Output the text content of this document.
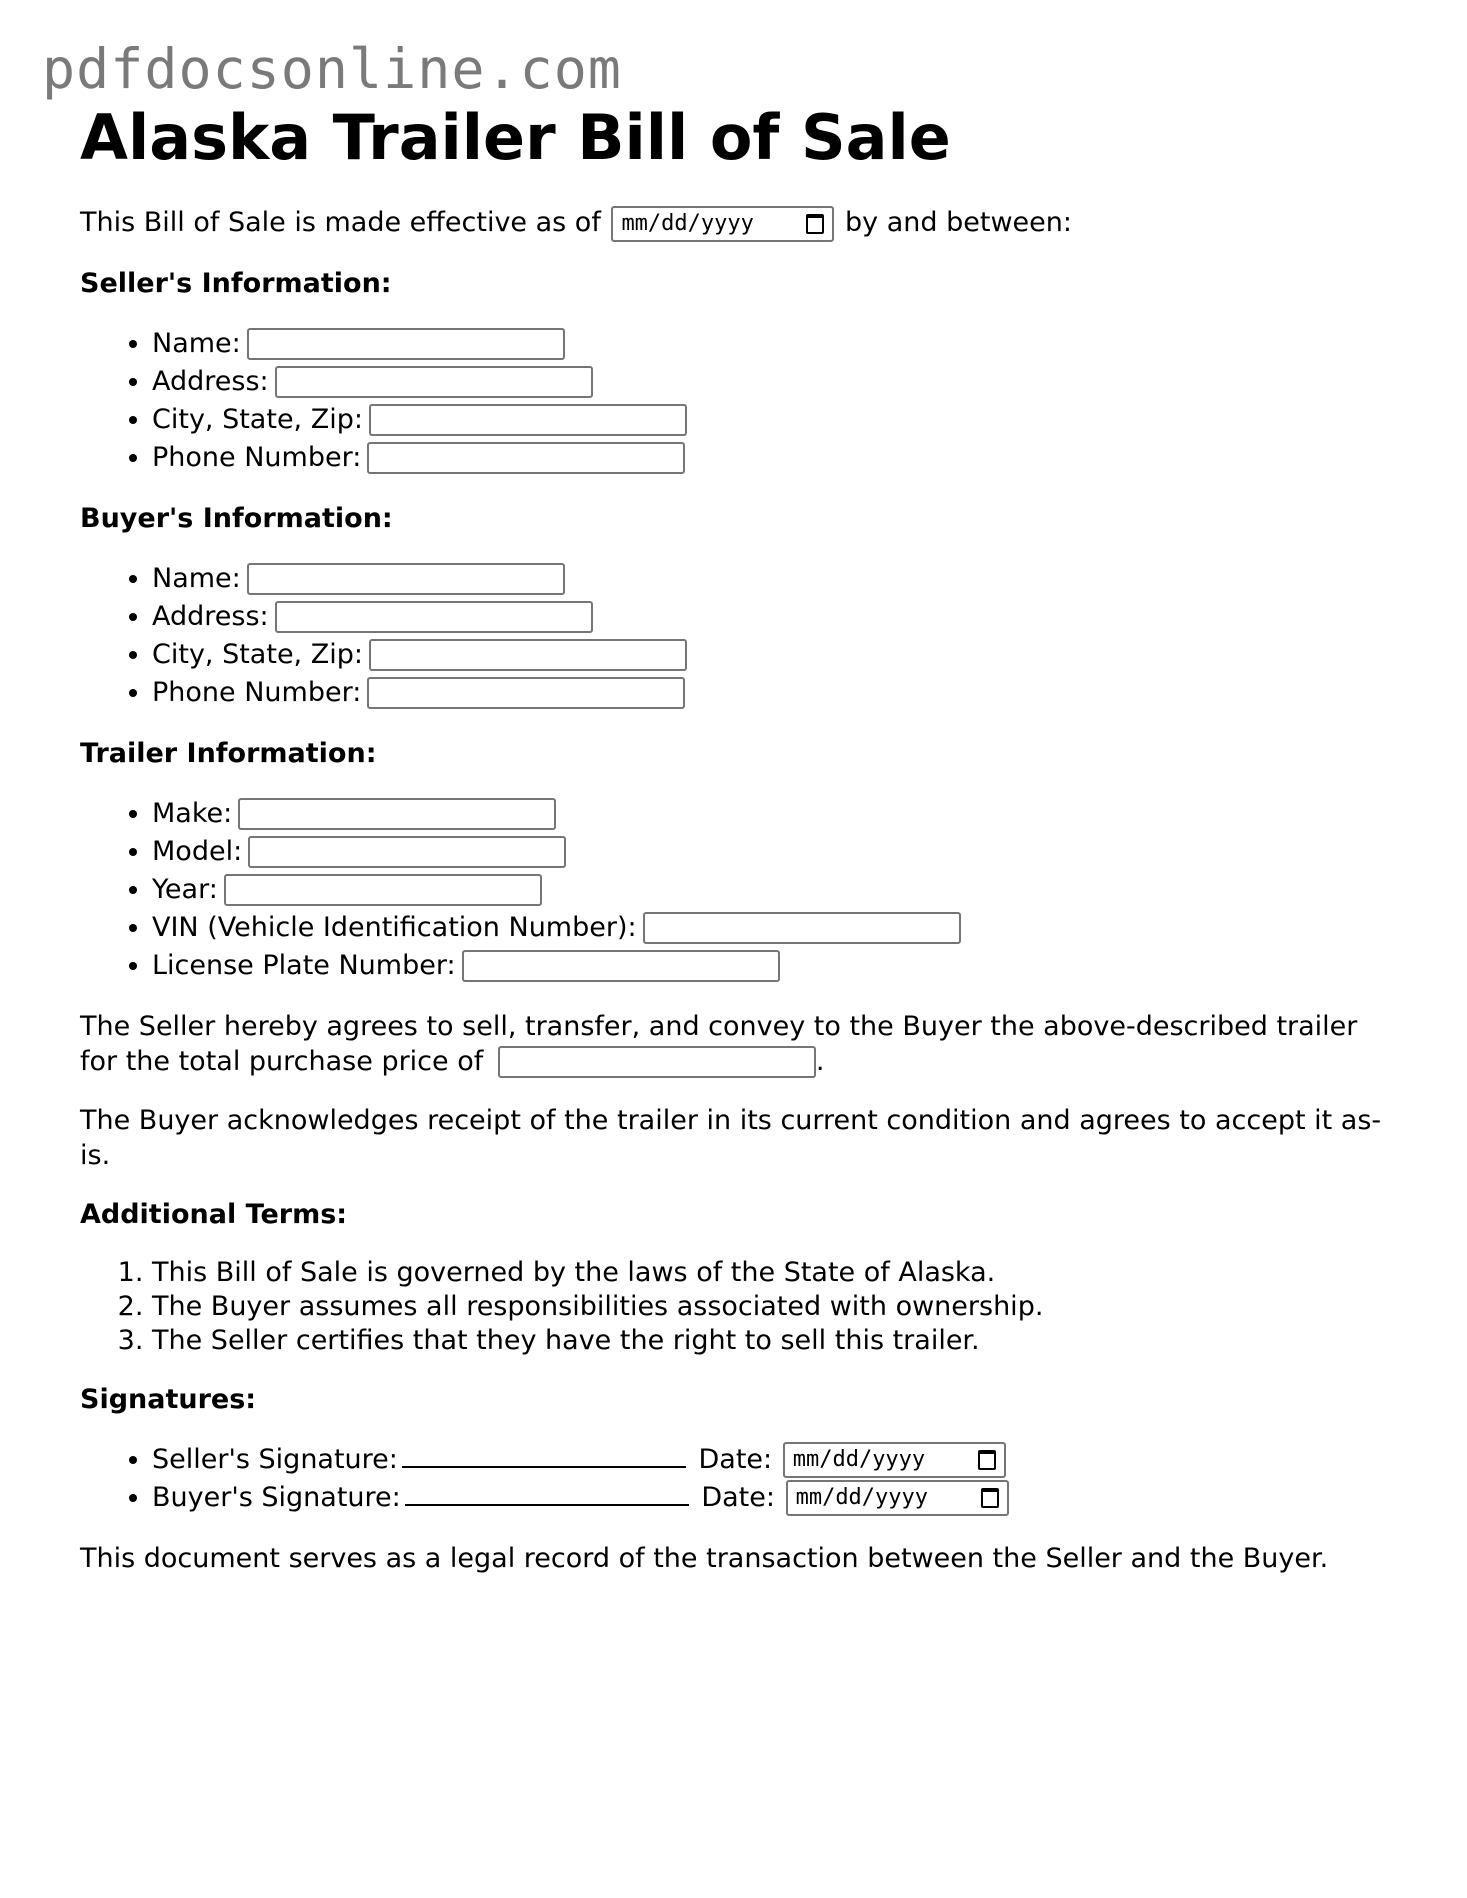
pdfdocsonline.com
Alaska Trailer Bill of Sale

This Bill of Sale is made effective as of mm/dd/yyyy	by and between:

Seller's Information:
• Name:
• Address:
• City, State, Zip:
• Phone Number:
Buyer's Information:
• Name:
• Address:
• City, State, Zip:
• Phone Number:
Trailer Information:
• Make:
• Model:
• Year:
• VIN (Vehicle Identification Number):
• License Plate Number:

The Seller hereby agrees to sell, transfer, and convey to the Buyer the above-described trailer for the total purchase price of	.

The Buyer acknowledges receipt of the trailer in its current condition and agrees to accept it as-is.

Additional Terms:
1. This Bill of Sale is governed by the laws of the State of Alaska.
2. The Buyer assumes all responsibilities associated with ownership.
3. The Seller certifies that they have the right to sell this trailer.
Signatures:
• Seller's Signature:	Date: mm/dd/yyyy
• Buyer's Signature:	Date: mm/dd/yyyy

This document serves as a legal record of the transaction between the Seller and the Buyer.
